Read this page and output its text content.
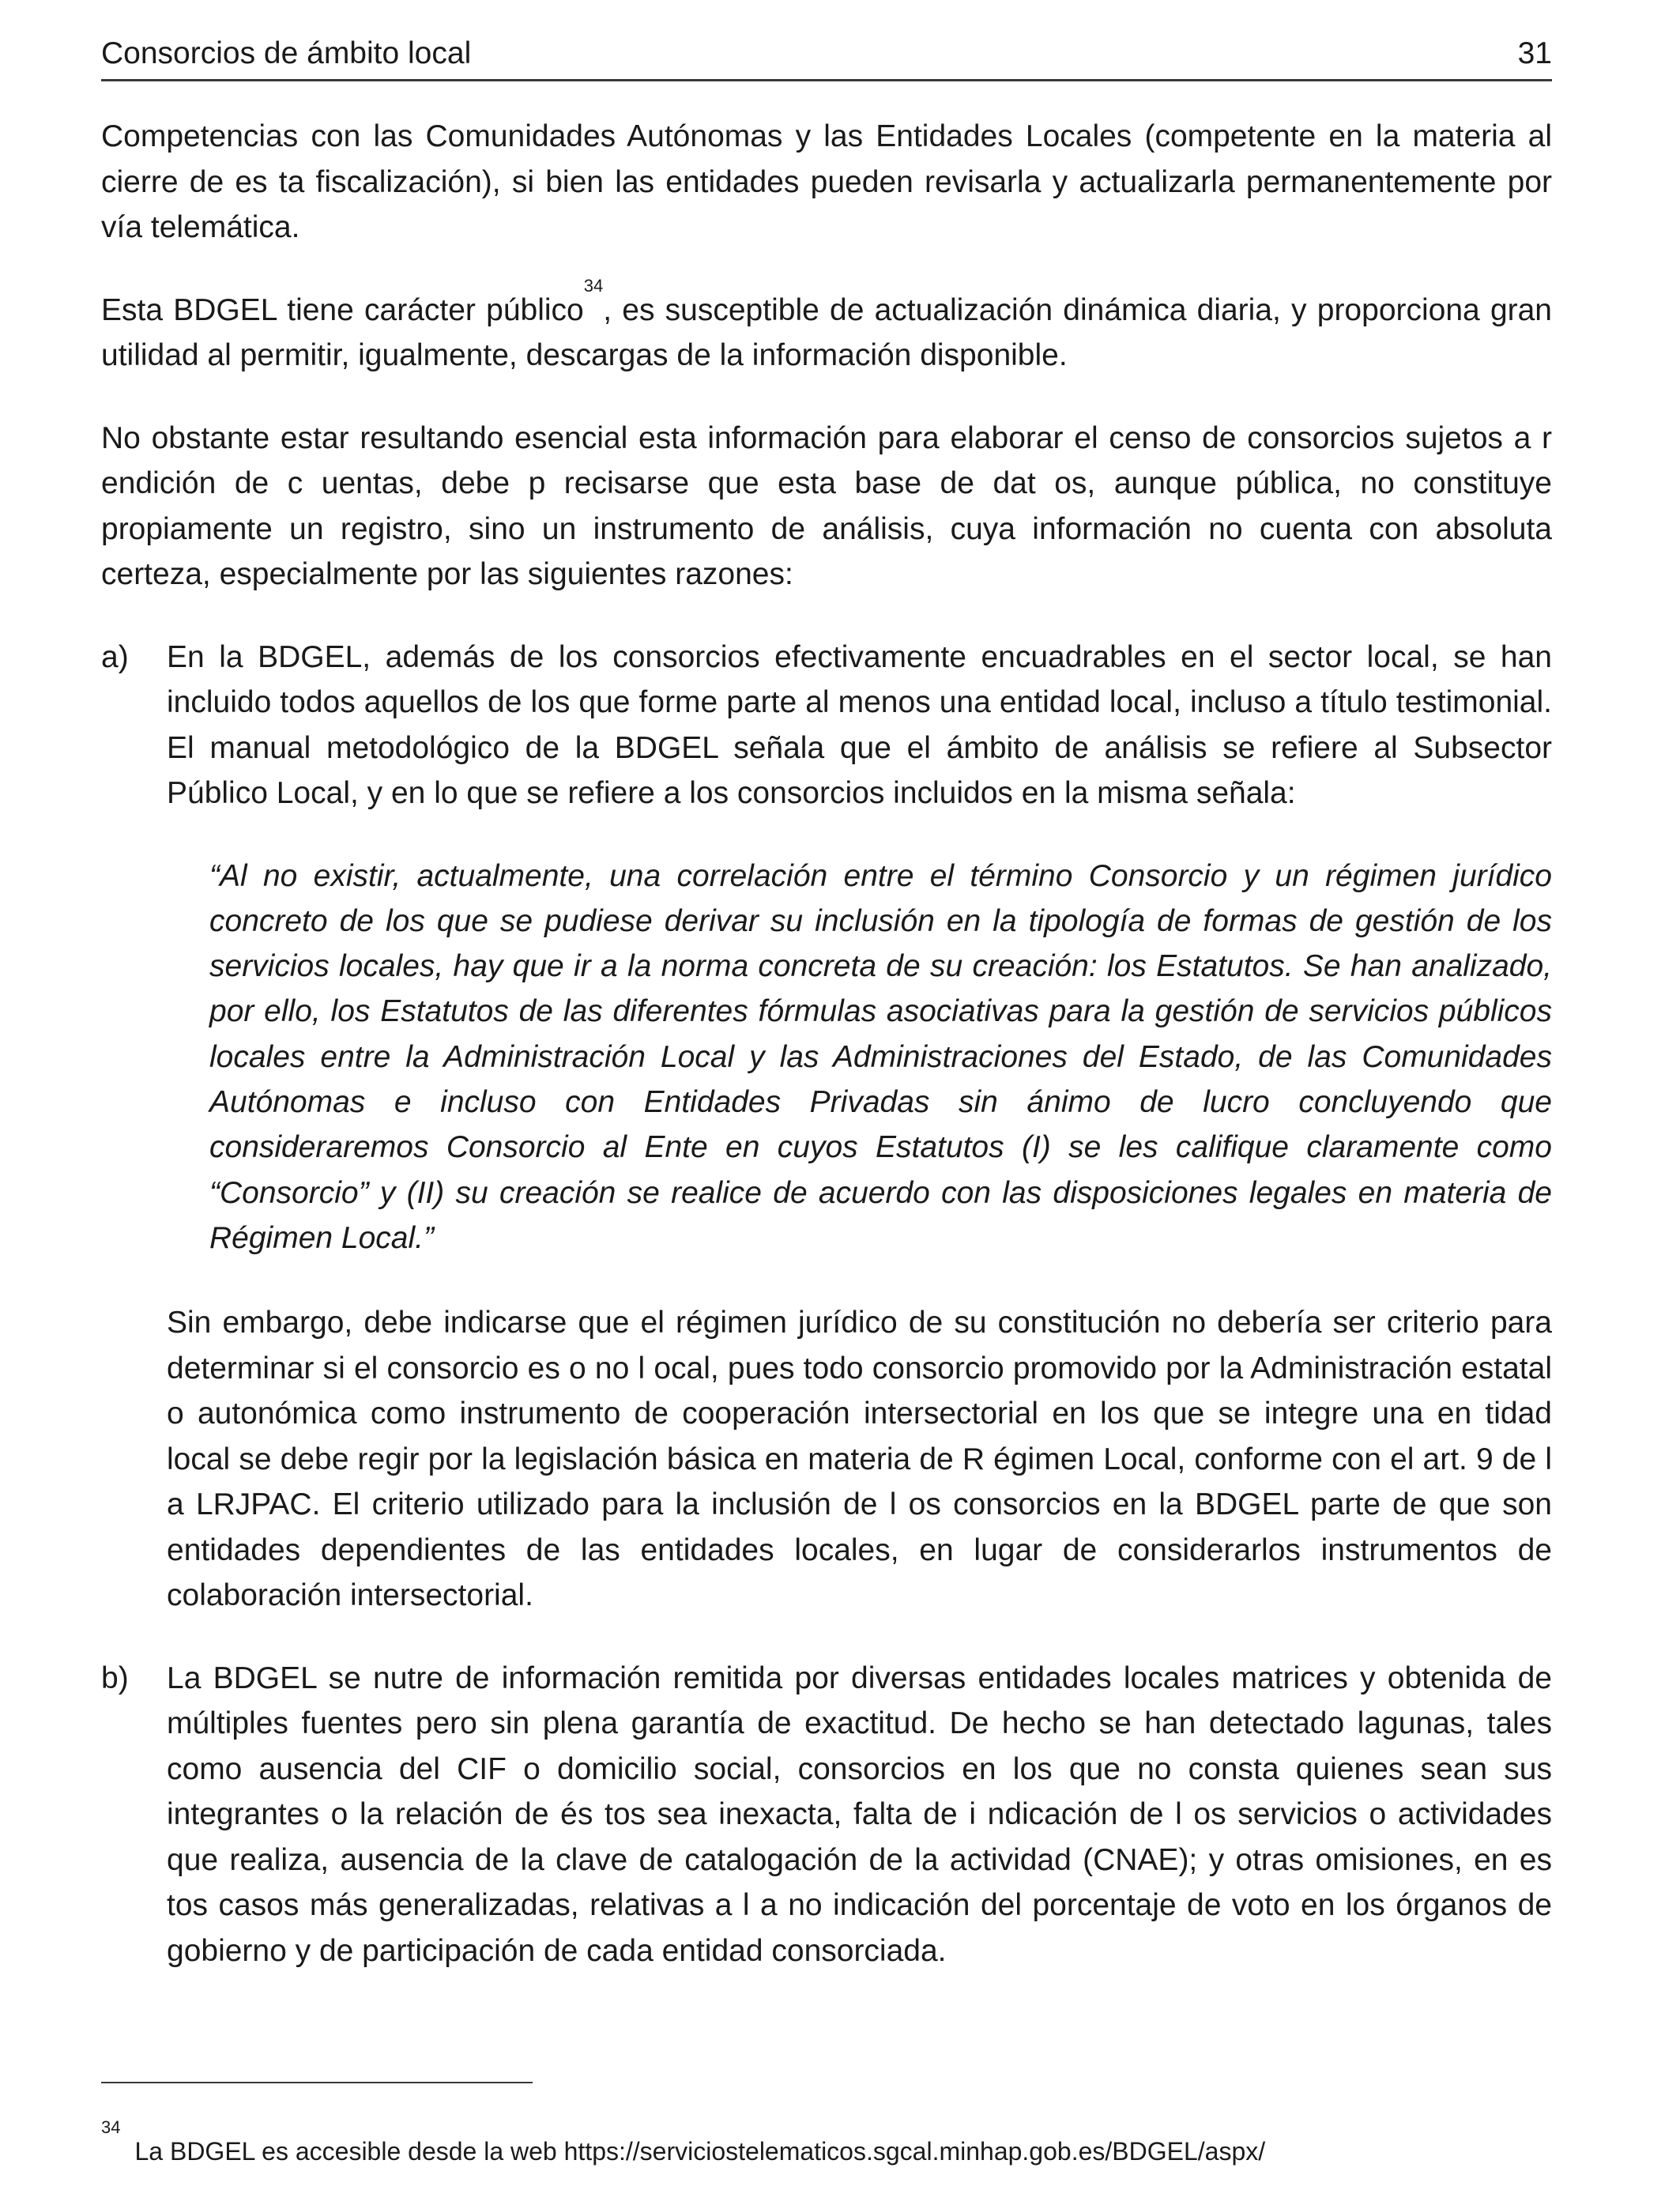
Consorcios de ámbito local	31

Competencias con las Comunidades Autónomas y las Entidades Locales (competente en la materia al cierre de es ta fiscalización), si bien las entidades pueden revisarla y actualizarla permanentemente por vía telemática.

Esta BDGEL tiene carácter público$^{34}$, es susceptible de actualización dinámica diaria, y proporciona gran utilidad al permitir, igualmente, descargas de la información disponible.

No obstante estar resultando esencial esta información para elaborar el censo de consorcios sujetos a r endición de c uentas, debe p recisarse que esta base de dat os, aunque pública, no constituye propiamente un registro, sino un instrumento de análisis, cuya información no cuenta con absoluta certeza, especialmente por las siguientes razones:

a)	En la BDGEL, además de los consorcios efectivamente encuadrables en el sector local, se han incluido todos aquellos de los que forme parte al menos una entidad local, incluso a título testimonial. El manual metodológico de la BDGEL señala que el ámbito de análisis se refiere al Subsector Público Local, y en lo que se refiere a los consorcios incluidos en la misma señala:

“Al no existir, actualmente, una correlación entre el término Consorcio y un régimen jurídico concreto de los que se pudiese derivar su inclusión en la tipología de formas de gestión de los servicios locales, hay que ir a la norma concreta de su creación: los Estatutos. Se han analizado, por ello, los Estatutos de las diferentes fórmulas asociativas para la gestión de servicios públicos locales entre la Administración Local y las Administraciones del Estado, de las Comunidades Autónomas e incluso con Entidades Privadas sin ánimo de lucro concluyendo que consideraremos Consorcio al Ente en cuyos Estatutos (I) se les califique claramente como “Consorcio” y (II) su creación se realice de acuerdo con las disposiciones legales en materia de Régimen Local.”

Sin embargo, debe indicarse que el régimen jurídico de su constitución no debería ser criterio para determinar si el consorcio es o no l ocal, pues todo consorcio promovido por la Administración estatal o autonómica como instrumento de cooperación intersectorial en los que se integre una en tidad local se debe regir por la legislación básica en materia de R égimen Local, conforme con el art. 9 de l a LRJPAC. El criterio utilizado para la inclusión de l os consorcios en la BDGEL parte de que son entidades dependientes de las entidades locales, en lugar de considerarlos instrumentos de colaboración intersectorial.

b)	La BDGEL se nutre de información remitida por diversas entidades locales matrices y obtenida de múltiples fuentes pero sin plena garantía de exactitud. De hecho se han detectado lagunas, tales como ausencia del CIF o domicilio social, consorcios en los que no consta quienes sean sus integrantes o la relación de és tos sea inexacta, falta de i ndicación de l os servicios o actividades que realiza, ausencia de la clave de catalogación de la actividad (CNAE); y otras omisiones, en es tos casos más generalizadas, relativas a l a no indicación del porcentaje de voto en los órganos de gobierno y de participación de cada entidad consorciada.

$^{34}$La BDGEL es accesible desde la web https://serviciostelematicos.sgcal.minhap.gob.es/BDGEL/aspx/
